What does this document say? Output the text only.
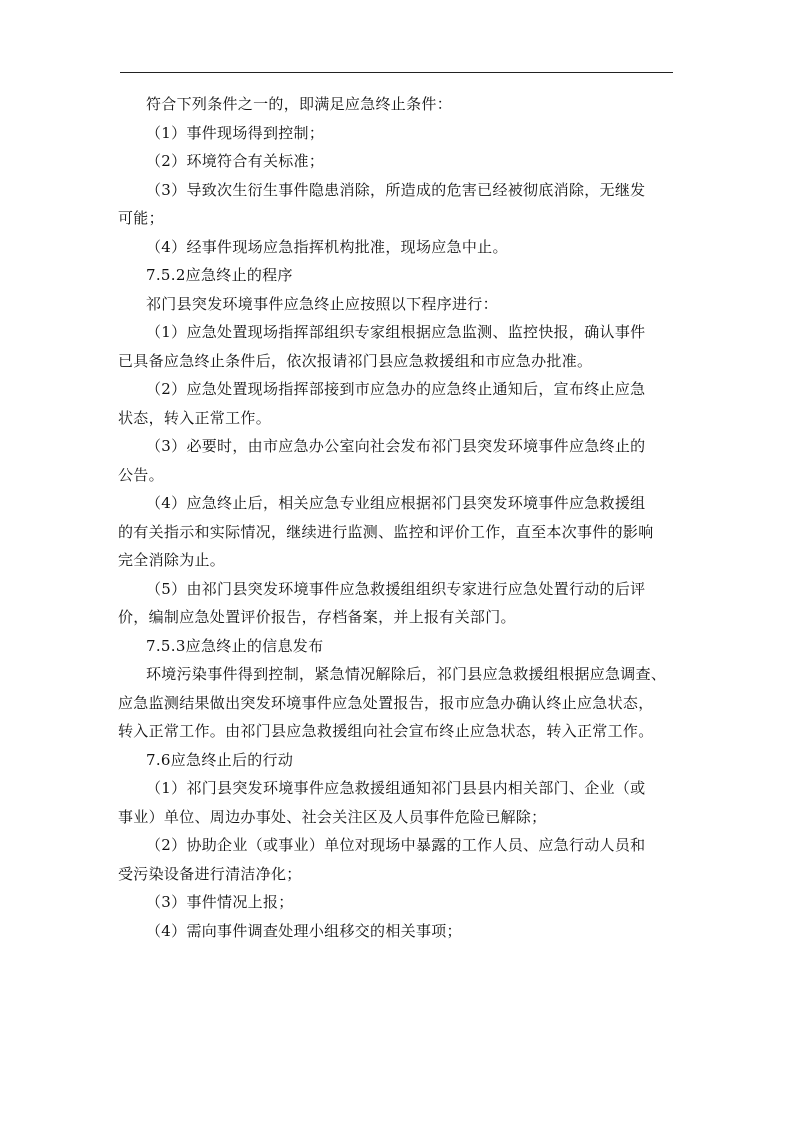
符合下列条件之一的，即满足应急终止条件：

（1）事件现场得到控制；

（2）环境符合有关标准；

（3）导致次生衍生事件隐患消除，所造成的危害已经被彻底消除，无继发

可能；

（4）经事件现场应急指挥机构批准，现场应急中止。

7.5.2应急终止的程序

祁门县突发环境事件应急终止应按照以下程序进行：

（1）应急处置现场指挥部组织专家组根据应急监测、监控快报，确认事件

已具备应急终止条件后，依次报请祁门县应急救援组和市应急办批准。

（2）应急处置现场指挥部接到市应急办的应急终止通知后，宣布终止应急

状态，转入正常工作。

（3）必要时，由市应急办公室向社会发布祁门县突发环境事件应急终止的

公告。

（4）应急终止后，相关应急专业组应根据祁门县突发环境事件应急救援组

的有关指示和实际情况，继续进行监测、监控和评价工作，直至本次事件的影响

完全消除为止。

（5）由祁门县突发环境事件应急救援组组织专家进行应急处置行动的后评

价，编制应急处置评价报告，存档备案，并上报有关部门。

7.5.3应急终止的信息发布

环境污染事件得到控制，紧急情况解除后，祁门县应急救援组根据应急调查、

应急监测结果做出突发环境事件应急处置报告，报市应急办确认终止应急状态，

转入正常工作。由祁门县应急救援组向社会宣布终止应急状态，转入正常工作。

7.6应急终止后的行动

（1）祁门县突发环境事件应急救援组通知祁门县县内相关部门、企业（或

事业）单位、周边办事处、社会关注区及人员事件危险已解除；

（2）协助企业（或事业）单位对现场中暴露的工作人员、应急行动人员和

受污染设备进行清洁净化；

（3）事件情况上报；

（4）需向事件调查处理小组移交的相关事项；
